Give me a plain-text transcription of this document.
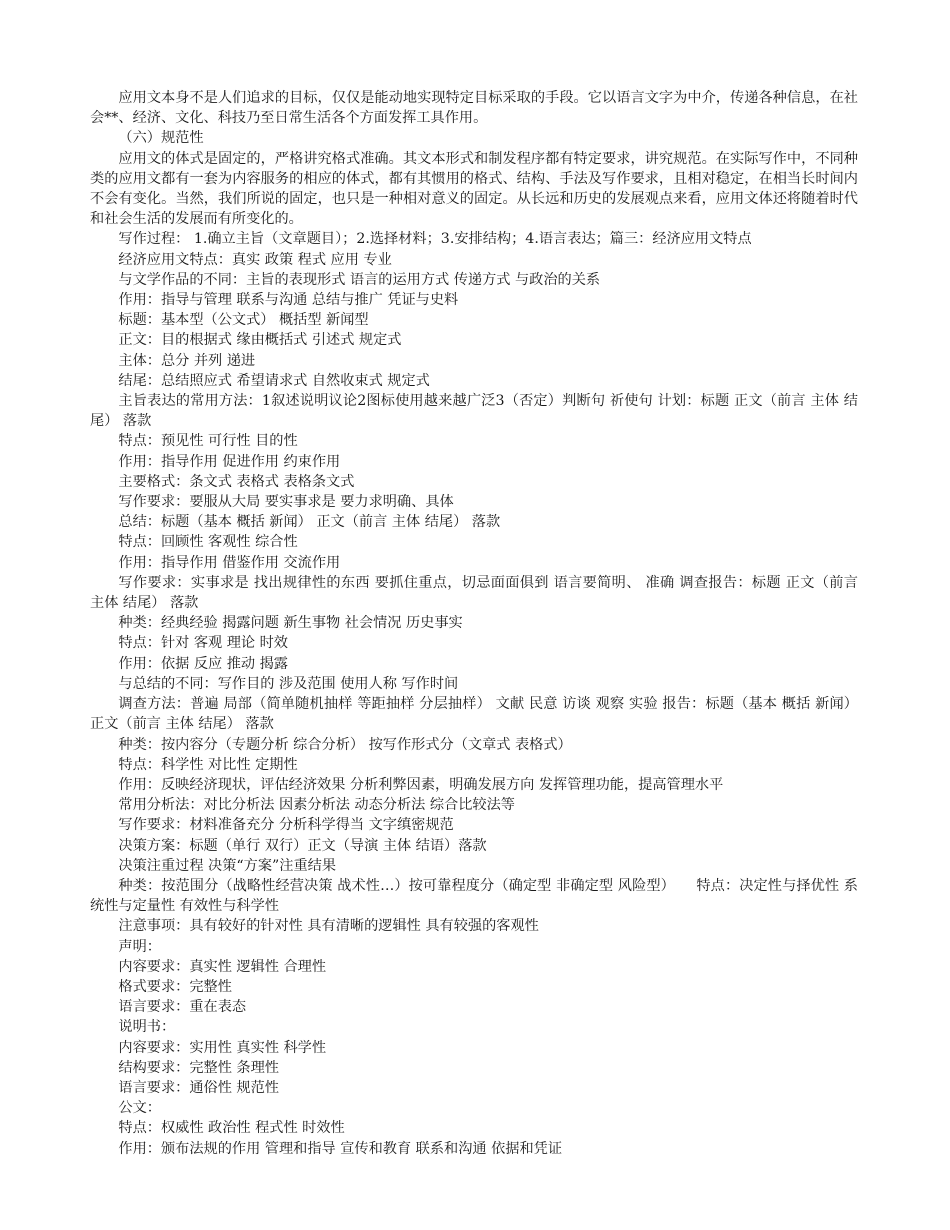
应用文本身不是人们追求的目标，仅仅是能动地实现特定目标采取的手段。它以语言文字为中介，传递各种信息，在社会**、经济、文化、科技乃至日常生活各个方面发挥工具作用。

（六）规范性

应用文的体式是固定的，严格讲究格式准确。其文本形式和制发程序都有特定要求，讲究规范。在实际写作中，不同种类的应用文都有一套为内容服务的相应的体式，都有其惯用的格式、结构、手法及写作要求，且相对稳定，在相当长时间内不会有变化。当然，我们所说的固定，也只是一种相对意义的固定。从长远和历史的发展观点来看，应用文体还将随着时代和社会生活的发展而有所变化的。

写作过程： 1.确立主旨（文章题目）；2.选择材料；3.安排结构；4.语言表达；篇三：经济应用文特点

经济应用文特点：真实 政策 程式 应用 专业

与文学作品的不同：主旨的表现形式 语言的运用方式 传递方式 与政治的关系

作用：指导与管理 联系与沟通 总结与推广 凭证与史料

标题：基本型（公文式） 概括型 新闻型

正文：目的根据式 缘由概括式 引述式 规定式

主体：总分 并列 递进

结尾：总结照应式 希望请求式 自然收束式 规定式

主旨表达的常用方法：1叙述说明议论2图标使用越来越广泛3（否定）判断句 祈使句 计划：标题 正文（前言 主体 结尾） 落款

特点：预见性 可行性 目的性

作用：指导作用 促进作用 约束作用

主要格式：条文式 表格式 表格条文式

写作要求：要服从大局 要实事求是 要力求明确、具体

总结：标题（基本 概括 新闻） 正文（前言 主体 结尾） 落款

特点：回顾性 客观性 综合性

作用：指导作用 借鉴作用 交流作用

写作要求：实事求是 找出规律性的东西 要抓住重点，切忌面面俱到 语言要简明、 准确 调查报告：标题 正文（前言 主体 结尾） 落款

种类：经典经验 揭露问题 新生事物 社会情况 历史事实

特点：针对 客观 理论 时效

作用：依据 反应 推动 揭露

与总结的不同：写作目的 涉及范围 使用人称 写作时间

调查方法：普遍 局部（简单随机抽样 等距抽样 分层抽样） 文献 民意 访谈 观察 实验 报告：标题（基本 概括 新闻） 正文（前言 主体 结尾） 落款

种类：按内容分（专题分析 综合分析） 按写作形式分（文章式 表格式）

特点：科学性 对比性 定期性

作用：反映经济现状，评估经济效果 分析利弊因素，明确发展方向 发挥管理功能，提高管理水平

常用分析法：对比分析法 因素分析法 动态分析法 综合比较法等

写作要求：材料准备充分 分析科学得当 文字缜密规范

决策方案：标题（单行 双行）正文（导演 主体 结语）落款

决策注重过程 决策“方案”注重结果

种类：按范围分（战略性经营决策 战术性…）按可靠程度分（确定型 非确定型 风险型）　　特点：决定性与择优性 系统性与定量性 有效性与科学性

注意事项：具有较好的针对性 具有清晰的逻辑性 具有较强的客观性

声明：

内容要求：真实性 逻辑性 合理性

格式要求：完整性

语言要求：重在表态

说明书：

内容要求：实用性 真实性 科学性

结构要求：完整性 条理性

语言要求：通俗性 规范性

公文：

特点：权威性 政治性 程式性 时效性

作用：颁布法规的作用 管理和指导 宣传和教育 联系和沟通 依据和凭证
